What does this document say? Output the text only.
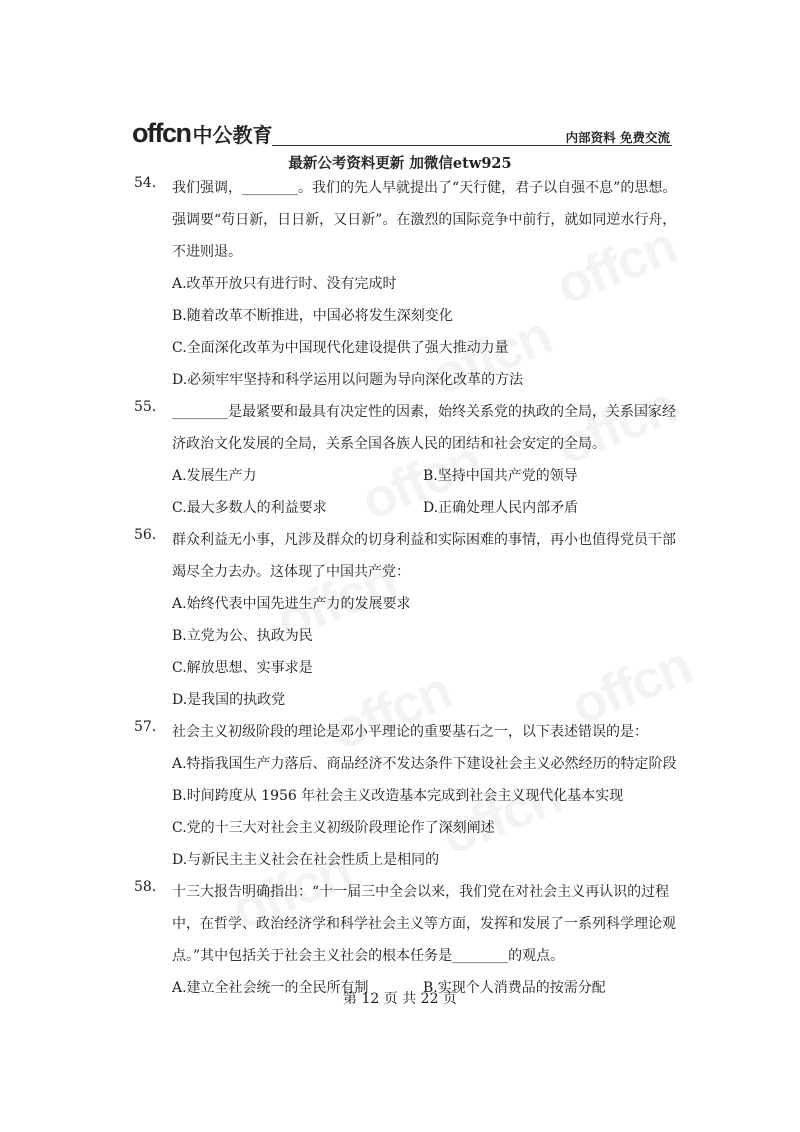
offcn 中公教育	内部资料 免费交流
最新公考资料更新 加微信etw925
54． 我们强调，________。我们的先人早就提出了“天行健，君子以自强不息”的思想。
强调要“苟日新，日日新，又日新”。在激烈的国际竞争中前行，就如同逆水行舟，
不进则退。
A.改革开放只有进行时、没有完成时
B.随着改革不断推进，中国必将发生深刻变化
C.全面深化改革为中国现代化建设提供了强大推动力量
D.必须牢牢坚持和科学运用以问题为导向深化改革的方法
55． ________是最紧要和最具有决定性的因素，始终关系党的执政的全局，关系国家经
济政治文化发展的全局，关系全国各族人民的团结和社会安定的全局。
A.发展生产力	B.坚持中国共产党的领导
C.最大多数人的利益要求	D.正确处理人民内部矛盾
56． 群众利益无小事，凡涉及群众的切身利益和实际困难的事情，再小也值得党员干部
竭尽全力去办。这体现了中国共产党：
A.始终代表中国先进生产力的发展要求
B.立党为公、执政为民
C.解放思想、实事求是
D.是我国的执政党
57． 社会主义初级阶段的理论是邓小平理论的重要基石之一，以下表述错误的是：
A.特指我国生产力落后、商品经济不发达条件下建设社会主义必然经历的特定阶段
B.时间跨度从 1956 年社会主义改造基本完成到社会主义现代化基本实现
C.党的十三大对社会主义初级阶段理论作了深刻阐述
D.与新民主主义社会在社会性质上是相同的
58． 十三大报告明确指出：“十一届三中全会以来，我们党在对社会主义再认识的过程
中，在哲学、政治经济学和科学社会主义等方面，发挥和发展了一系列科学理论观
点。”其中包括关于社会主义社会的根本任务是________的观点。
A.建立全社会统一的全民所有制	B.实现个人消费品的按需分配
第 12 页 共 22 页
